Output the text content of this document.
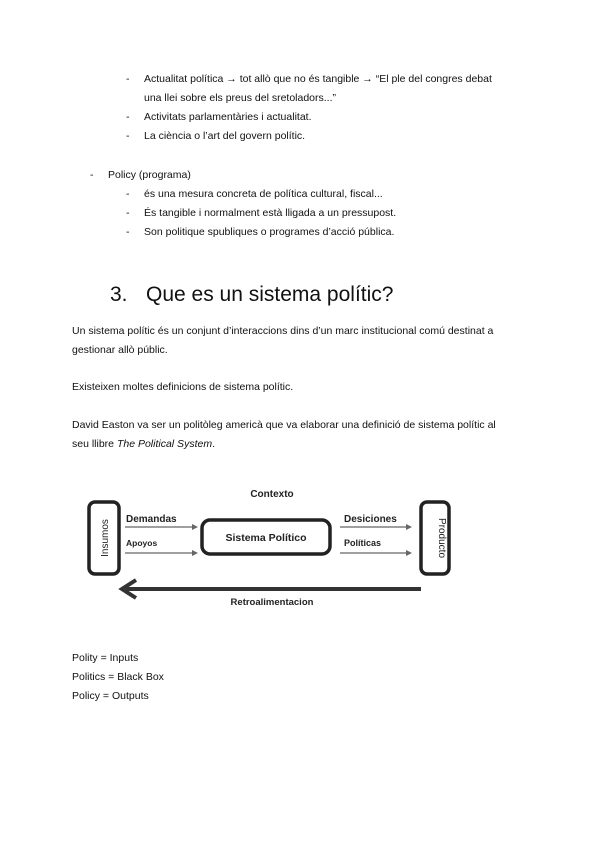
- Actualitat política → tot allò que no és tangible → “El ple del congres debat
una llei sobre els preus del sretoladors...”
- Activitats parlamentàries i actualitat.
- La ciència o l’art del govern polític.
- Policy (programa)
- és una mesura concreta de política cultural, fiscal...
- És tangible i normalment està lligada a un pressupost.
- Son politique spubliques o programes d’acció pública.
3. Que es un sistema polític?
Un sistema polític és un conjunt d’interaccions dins d’un marc institucional comú destinat a
gestionar allò públic.
Existeixen moltes definicions de sistema polític.
David Easton va ser un politòleg americà que va elaborar una definició de sistema polític al
seu llibre The Political System.
Contexto
Insumos Demandas
Apoyos	Sistema Político
Desiciones
Políticas	Producto
Retroalimentacion
Polity = Inputs
Politics = Black Box
Policy = Outputs
